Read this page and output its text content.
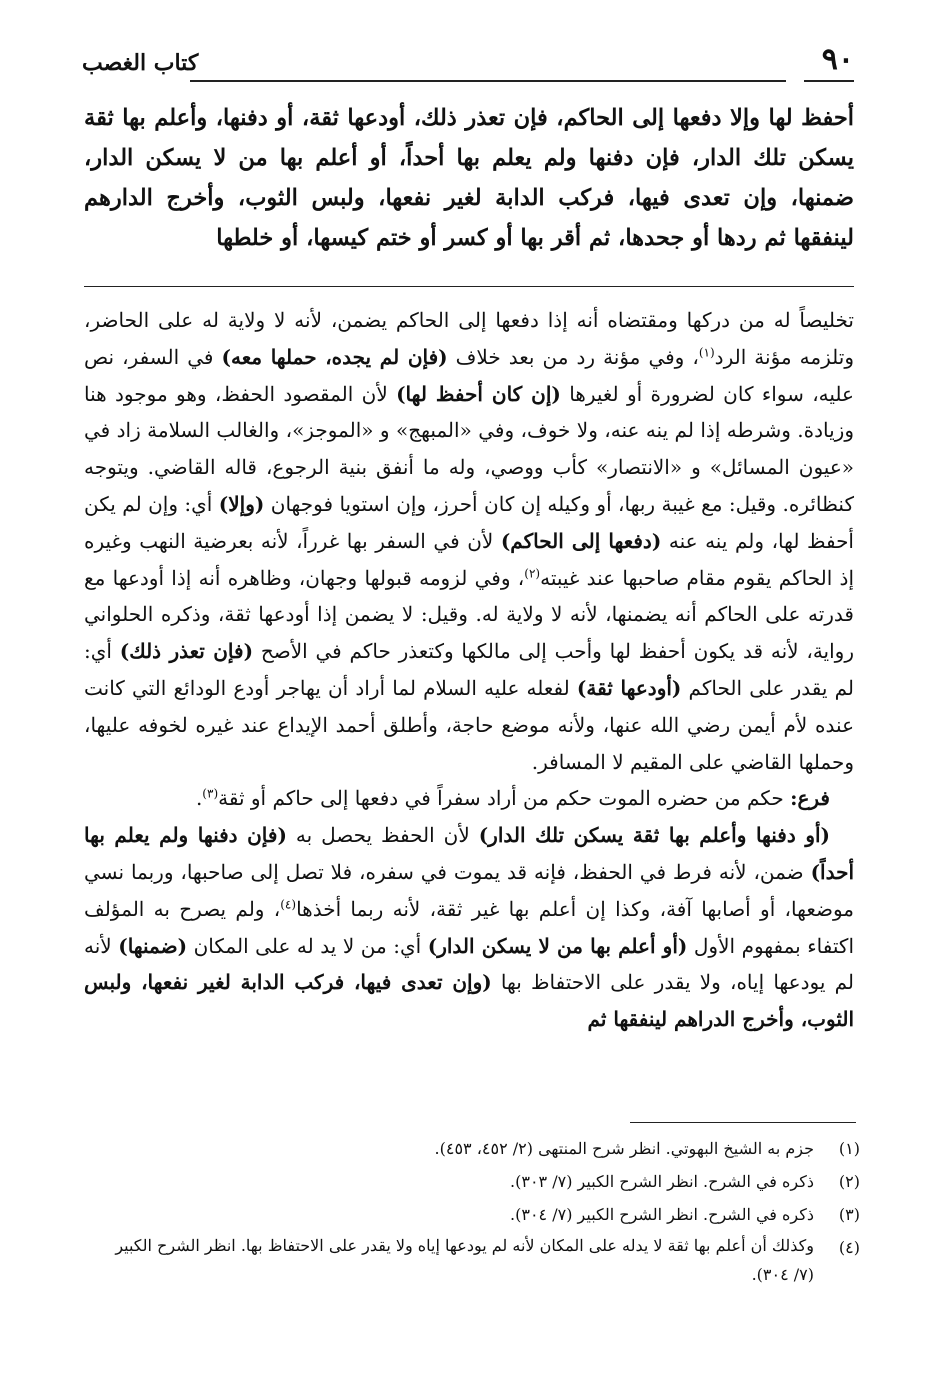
٩٠
كتاب الغصب
أحفظ لها وإلا دفعها إلى الحاكم، فإن تعذر ذلك، أودعها ثقة، أو دفنها، وأعلم بها ثقة يسكن تلك الدار، فإن دفنها ولم يعلم بها أحداً، أو أعلم بها من لا يسكن الدار، ضمنها، وإن تعدى فيها، فركب الدابة لغير نفعها، ولبس الثوب، وأخرج الدارهم لينفقها ثم ردها أو جحدها، ثم أقر بها أو كسر أو ختم كيسها، أو خلطها

تخليصاً له من دركها ومقتضاه أنه إذا دفعها إلى الحاكم يضمن، لأنه لا ولاية له على الحاضر، وتلزمه مؤنة الرد$^{(١)}$، وفي مؤنة رد من بعد خلاف (فإن لم يجده، حملها معه) في السفر، نص عليه، سواء كان لضرورة أو لغيرها (إن كان أحفظ لها) لأن المقصود الحفظ، وهو موجود هنا وزيادة. وشرطه إذا لم ينه عنه، ولا خوف، وفي «المبهج» و «الموجز»، والغالب السلامة زاد في «عيون المسائل» و «الانتصار» كأب ووصي، وله ما أنفق بنية الرجوع، قاله القاضي. ويتوجه كنظائره. وقيل: مع غيبة ربها، أو وكيله إن كان أحرز، وإن استويا فوجهان (وإلا) أي: وإن لم يكن أحفظ لها، ولم ينه عنه (دفعها إلى الحاكم) لأن في السفر بها غرراً، لأنه بعرضية النهب وغيره إذ الحاكم يقوم مقام صاحبها عند غيبته$^{(٢)}$، وفي لزومه قبولها وجهان، وظاهره أنه إذا أودعها مع قدرته على الحاكم أنه يضمنها، لأنه لا ولاية له. وقيل: لا يضمن إذا أودعها ثقة، وذكره الحلواني رواية، لأنه قد يكون أحفظ لها وأحب إلى مالكها وكتعذر حاكم في الأصح (فإن تعذر ذلك) أي: لم يقدر على الحاكم (أودعها ثقة) لفعله عليه السلام لما أراد أن يهاجر أودع الودائع التي كانت عنده لأم أيمن رضي الله عنها، ولأنه موضع حاجة، وأطلق أحمد الإيداع عند غيره لخوفه عليها، وحملها القاضي على المقيم لا المسافر.

فرع: حكم من حضره الموت حكم من أراد سفراً في دفعها إلى حاكم أو ثقة$^{(٣)}$.

(أو دفنها وأعلم بها ثقة يسكن تلك الدار) لأن الحفظ يحصل به (فإن دفنها ولم يعلم بها أحداً) ضمن، لأنه فرط في الحفظ، فإنه قد يموت في سفره، فلا تصل إلى صاحبها، وربما نسي موضعها، أو أصابها آفة، وكذا إن أعلم بها غير ثقة، لأنه ربما أخذها$^{(٤)}$، ولم يصرح به المؤلف اكتفاء بمفهوم الأول (أو أعلم بها من لا يسكن الدار) أي: من لا يد له على المكان (ضمنها) لأنه لم يودعها إياه، ولا يقدر على الاحتفاظ بها (وإن تعدى فيها، فركب الدابة لغير نفعها، ولبس الثوب، وأخرج الدراهم لينفقها ثم

(١)
جزم به الشيخ البهوتي. انظر شرح المنتهى (٢/ ٤٥٢، ٤٥٣).
(٢)
ذكره في الشرح. انظر الشرح الكبير (٧/ ٣٠٣).
(٣)
ذكره في الشرح. انظر الشرح الكبير (٧/ ٣٠٤).
(٤)
وكذلك أن أعلم بها ثقة لا يدله على المكان لأنه لم يودعها إياه ولا يقدر على الاحتفاظ بها. انظر الشرح الكبير (٧/ ٣٠٤).
